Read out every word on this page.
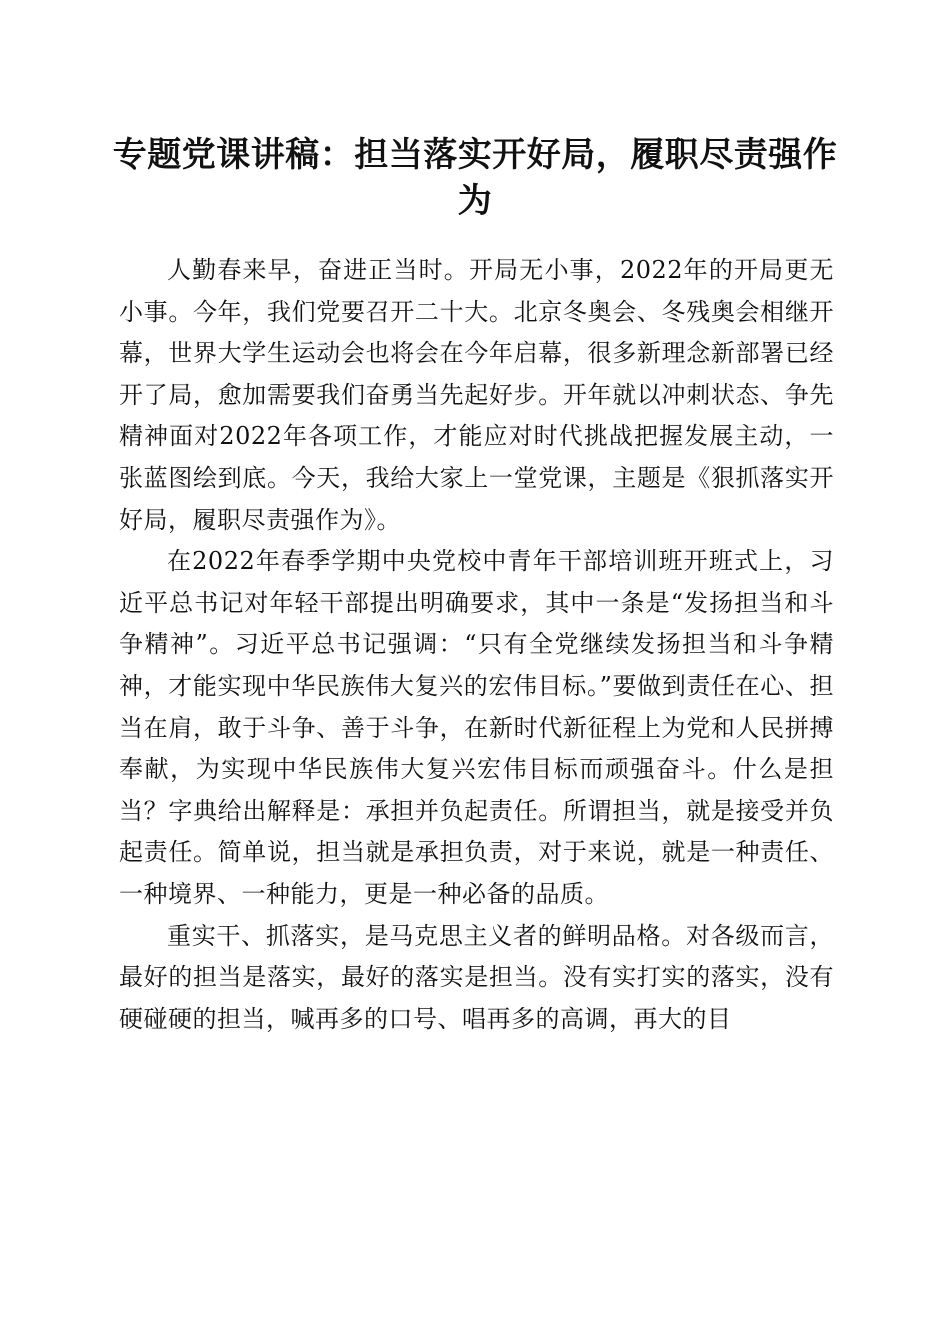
专题党课讲稿：担当落实开好局，履职尽责强作为

人勤春来早，奋进正当时。开局无小事，2022年的开局更无小事。今年，我们党要召开二十大。北京冬奥会、冬残奥会相继开幕，世界大学生运动会也将会在今年启幕，很多新理念新部署已经开了局，愈加需要我们奋勇当先起好步。开年就以冲刺状态、争先精神面对2022年各项工作，才能应对时代挑战把握发展主动，一张蓝图绘到底。今天，我给大家上一堂党课，主题是《狠抓落实开好局，履职尽责强作为》。

在2022年春季学期中央党校中青年干部培训班开班式上，习近平总书记对年轻干部提出明确要求，其中一条是“发扬担当和斗争精神”。习近平总书记强调：“只有全党继续发扬担当和斗争精神，才能实现中华民族伟大复兴的宏伟目标。”要做到责任在心、担当在肩，敢于斗争、善于斗争，在新时代新征程上为党和人民拼搏奉献，为实现中华民族伟大复兴宏伟目标而顽强奋斗。什么是担当？字典给出解释是：承担并负起责任。所谓担当，就是接受并负起责任。简单说，担当就是承担负责，对于来说，就是一种责任、一种境界、一种能力，更是一种必备的品质。

重实干、抓落实，是马克思主义者的鲜明品格。对各级而言，最好的担当是落实，最好的落实是担当。没有实打实的落实，没有硬碰硬的担当，喊再多的口号、唱再多的高调，再大的目
